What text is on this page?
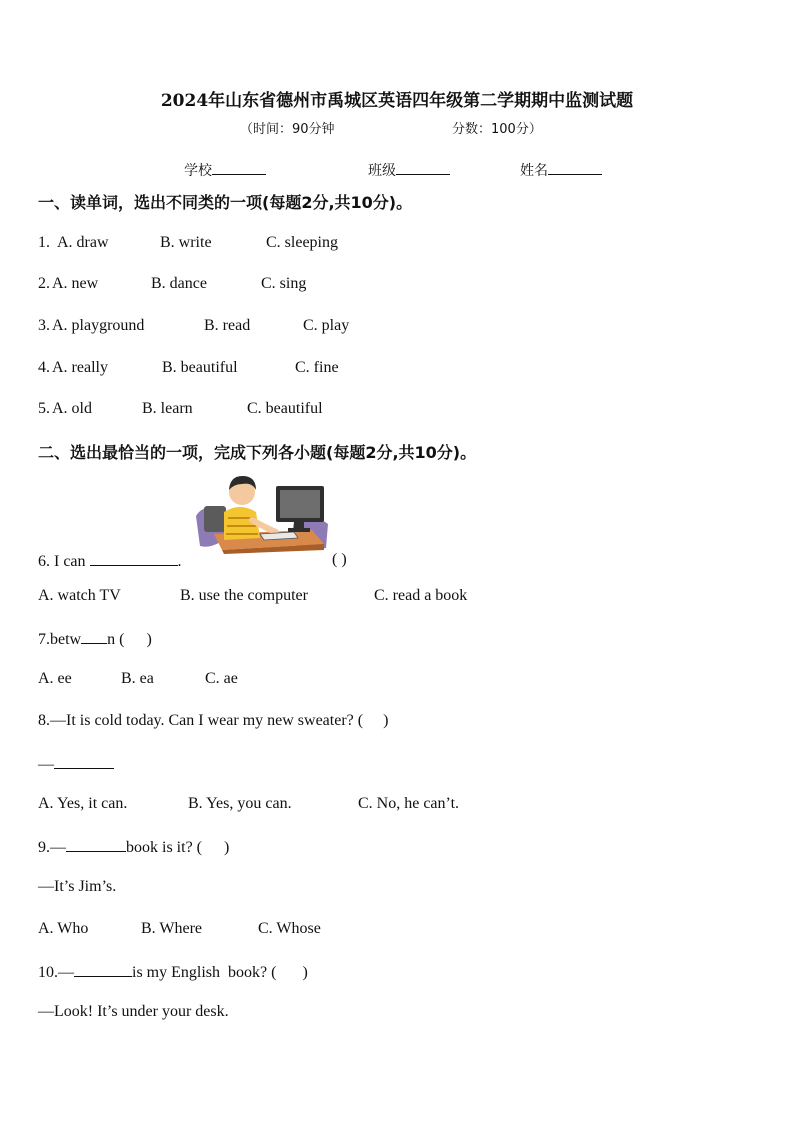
2024年山东省德州市禹城区英语四年级第二学期期中监测试题
（时间：90分钟	分数：100分）
学校	班级	姓名
一、读单词，选出不同类的一项(每题2分,共10分)。
1. A. draw	B. write	C. sleeping
2. A. new	B. dance	C. sing
3. A. playground	B. read	C. play
4. A. really	B. beautiful	C. fine
5. A. old	B. learn	C. beautiful
二、选出最恰当的一项，完成下列各小题(每题2分,共10分)。
6. I can	.	( )
A. watch TV	B. use the computer	C. read a book
7.betw n ( )
A. ee	B. ea	C. ae
8.—It is cold today. Can I wear my new sweater? ( )
—
A. Yes, it can.	B. Yes, you can.	C. No, he can’t.
9.—	book is it? ( )
—It’s Jim’s.
A. Who	B. Where	C. Whose
10.—	is my English  book? ( )
—Look! It’s under your desk.
